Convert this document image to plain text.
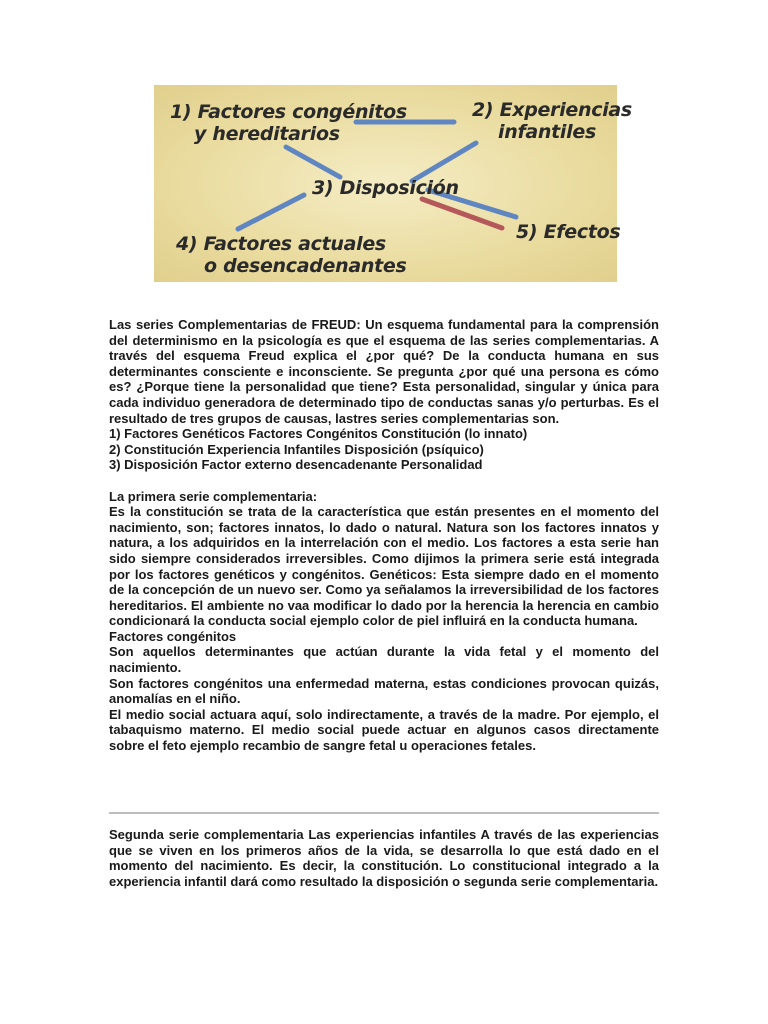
1) Factores congénitos
y hereditarios
2) Experiencias
infantiles
3) Disposición
4) Factores actuales
o desencadenantes
5) Efectos

Las series Complementarias de FREUD: Un esquema fundamental para la comprensión del determinismo en la psicología es que el esquema de las series complementarias. A través del esquema Freud explica el ¿por qué? De la conducta humana en sus determinantes consciente e inconsciente. Se pregunta ¿por qué una persona es cómo es? ¿Porque tiene la personalidad que tiene? Esta personalidad, singular y única para cada individuo generadora de determinado tipo de conductas sanas y/o perturbas. Es el resultado de tres grupos de causas, lastres series complementarias son.

1) Factores Genéticos Factores Congénitos Constitución (lo innato)

2) Constitución Experiencia Infantiles Disposición (psíquico)

3) Disposición Factor externo desencadenante Personalidad

La primera serie complementaria:

Es la constitución se trata de la característica que están presentes en el momento del nacimiento, son; factores innatos, lo dado o natural. Natura son los factores innatos y natura, a los adquiridos en la interrelación con el medio. Los factores a esta serie han sido siempre considerados irreversibles. Como dijimos la primera serie está integrada por los factores genéticos y congénitos. Genéticos: Esta siempre dado en el momento de la concepción de un nuevo ser. Como ya señalamos la irreversibilidad de los factores hereditarios. El ambiente no vaa modificar lo dado por la herencia la herencia en cambio condicionará la conducta social ejemplo color de piel influirá en la conducta humana.

Factores congénitos

Son aquellos determinantes que actúan durante la vida fetal y el momento del nacimiento.

Son factores congénitos una enfermedad materna, estas condiciones provocan quizás, anomalías en el niño.

El medio social actuara aquí, solo indirectamente, a través de la madre. Por ejemplo, el tabaquismo materno. El medio social puede actuar en algunos casos directamente sobre el feto ejemplo recambio de sangre fetal u operaciones fetales.

Segunda serie complementaria Las experiencias infantiles A través de las experiencias que se viven en los primeros años de la vida, se desarrolla lo que está dado en el momento del nacimiento. Es decir, la constitución. Lo constitucional integrado a la experiencia infantil dará como resultado la disposición o segunda serie complementaria.
